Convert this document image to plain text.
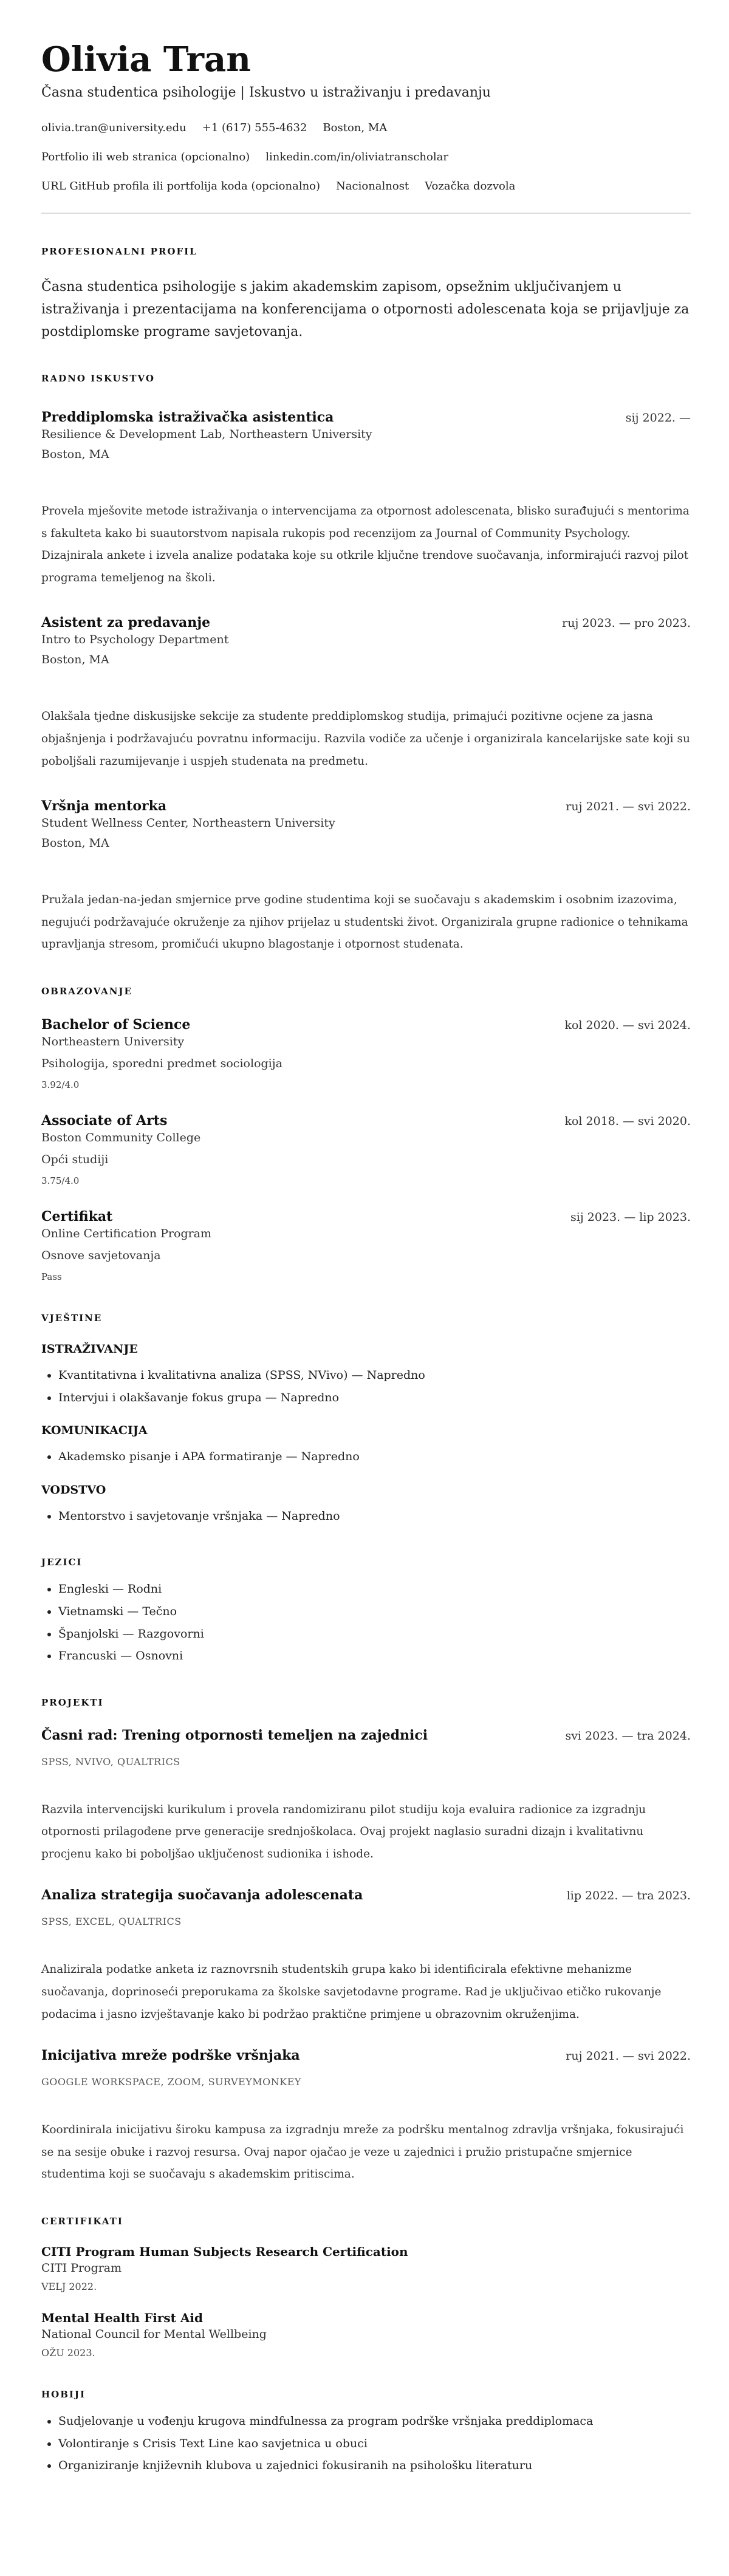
Olivia Tran
Časna studentica psihologije | Iskustvo u istraživanju i predavanju
olivia.tran@university.edu +1 (617) 555-4632 Boston, MA
Portfolio ili web stranica (opcionalno) linkedin.com/in/oliviatranscholar
URL GitHub profila ili portfolija koda (opcionalno) Nacionalnost Vozačka dozvola
PROFESIONALNI PROFIL
Časna studentica psihologije s jakim akademskim zapisom, opsežnim uključivanjem u istraživanja i prezentacijama na konferencijama o otpornosti adolescenata koja se prijavljuje za postdiplomske programe savjetovanja.
RADNO ISKUSTVO
Preddiplomska istraživačka asistentica	sij 2022. —
Resilience & Development Lab, Northeastern University
Boston, MA
Provela mješovite metode istraživanja o intervencijama za otpornost adolescenata, blisko surađujući s mentorima s fakulteta kako bi suautorstvom napisala rukopis pod recenzijom za Journal of Community Psychology. Dizajnirala ankete i izvela analize podataka koje su otkrile ključne trendove suočavanja, informirajući razvoj pilot programa temeljenog na školi.
Asistent za predavanje	ruj 2023. — pro 2023.
Intro to Psychology Department
Boston, MA
Olakšala tjedne diskusijske sekcije za studente preddiplomskog studija, primajući pozitivne ocjene za jasna objašnjenja i podržavajuću povratnu informaciju. Razvila vodiče za učenje i organizirala kancelarijske sate koji su poboljšali razumijevanje i uspjeh studenata na predmetu.
Vršnja mentorka	ruj 2021. — svi 2022.
Student Wellness Center, Northeastern University
Boston, MA
Pružala jedan-na-jedan smjernice prve godine studentima koji se suočavaju s akademskim i osobnim izazovima, negujući podržavajuće okruženje za njihov prijelaz u studentski život. Organizirala grupne radionice o tehnikama upravljanja stresom, promičući ukupno blagostanje i otpornost studenata.
OBRAZOVANJE
Bachelor of Science	kol 2020. — svi 2024.
Northeastern University
Psihologija, sporedni predmet sociologija
3.92/4.0
Associate of Arts	kol 2018. — svi 2020.
Boston Community College
Opći studiji
3.75/4.0
Certifikat	sij 2023. — lip 2023.
Online Certification Program
Osnove savjetovanja
Pass
VJEŠTINE
ISTRAŽIVANJE
• Kvantitativna i kvalitativna analiza (SPSS, NVivo) — Napredno
• Intervjui i olakšavanje fokus grupa — Napredno
KOMUNIKACIJA
• Akademsko pisanje i APA formatiranje — Napredno
VODSTVO
• Mentorstvo i savjetovanje vršnjaka — Napredno
JEZICI
• Engleski — Rodni
• Vietnamski — Tečno
• Španjolski — Razgovorni
• Francuski — Osnovni
PROJEKTI
Časni rad: Trening otpornosti temeljen na zajednici	svi 2023. — tra 2024.
SPSS, NVIVO, QUALTRICS
Razvila intervencijski kurikulum i provela randomiziranu pilot studiju koja evaluira radionice za izgradnju otpornosti prilagođene prve generacije srednjoškolaca. Ovaj projekt naglasio suradni dizajn i kvalitativnu procjenu kako bi poboljšao uključenost sudionika i ishode.
Analiza strategija suočavanja adolescenata	lip 2022. — tra 2023.
SPSS, EXCEL, QUALTRICS
Analizirala podatke anketa iz raznovrsnih studentskih grupa kako bi identificirala efektivne mehanizme suočavanja, doprinoseći preporukama za školske savjetodavne programe. Rad je uključivao etičko rukovanje podacima i jasno izvještavanje kako bi podržao praktične primjene u obrazovnim okruženjima.
Inicijativa mreže podrške vršnjaka	ruj 2021. — svi 2022.
GOOGLE WORKSPACE, ZOOM, SURVEYMONKEY
Koordinirala inicijativu široku kampusa za izgradnju mreže za podršku mentalnog zdravlja vršnjaka, fokusirajući se na sesije obuke i razvoj resursa. Ovaj napor ojačao je veze u zajednici i pružio pristupačne smjernice studentima koji se suočavaju s akademskim pritiscima.
CERTIFIKATI
CITI Program Human Subjects Research Certification
CITI Program
VELJ 2022.
Mental Health First Aid
National Council for Mental Wellbeing
OŽU 2023.
HOBIJI
• Sudjelovanje u vođenju krugova mindfulnessa za program podrške vršnjaka preddiplomaca
• Volontiranje s Crisis Text Line kao savjetnica u obuci
• Organiziranje književnih klubova u zajednici fokusiranih na psihološku literaturu
